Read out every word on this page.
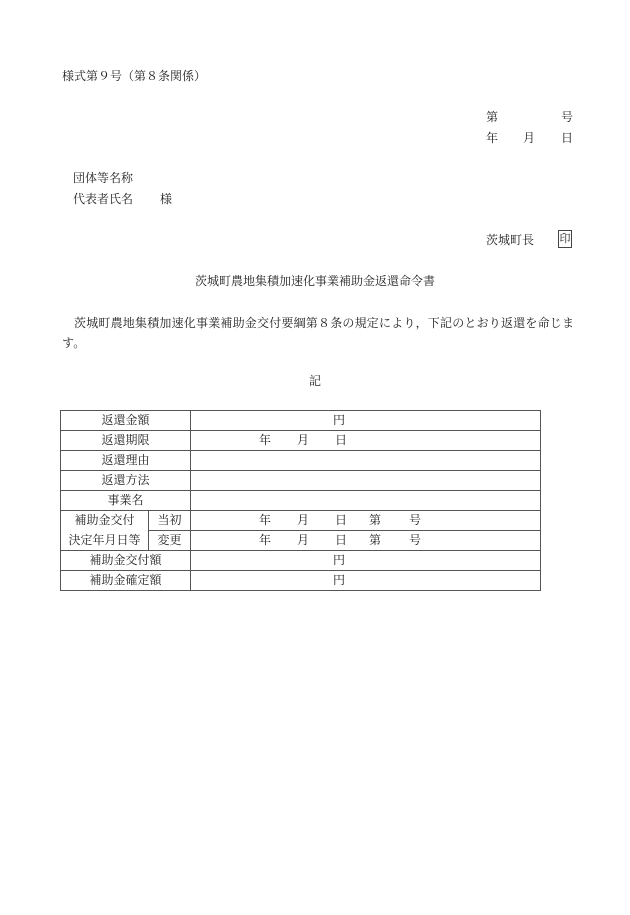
様式第９号（第８条関係）
第	号
年 月 日
団体等名称
代表者氏名 様
茨城町長 印
茨城町農地集積加速化事業補助金返還命令書
茨城町農地集積加速化事業補助金交付要綱第８条の規定により，下記のとおり返還を命じます。
記
返還金額		円

返還期限		年 月 日

返還理由		
返還方法		
事業名		
補助金交付	当初	年 月 日 第 号

決定年月日等	変更	年 月 日 第 号

補助金交付額		円

補助金確定額		円
